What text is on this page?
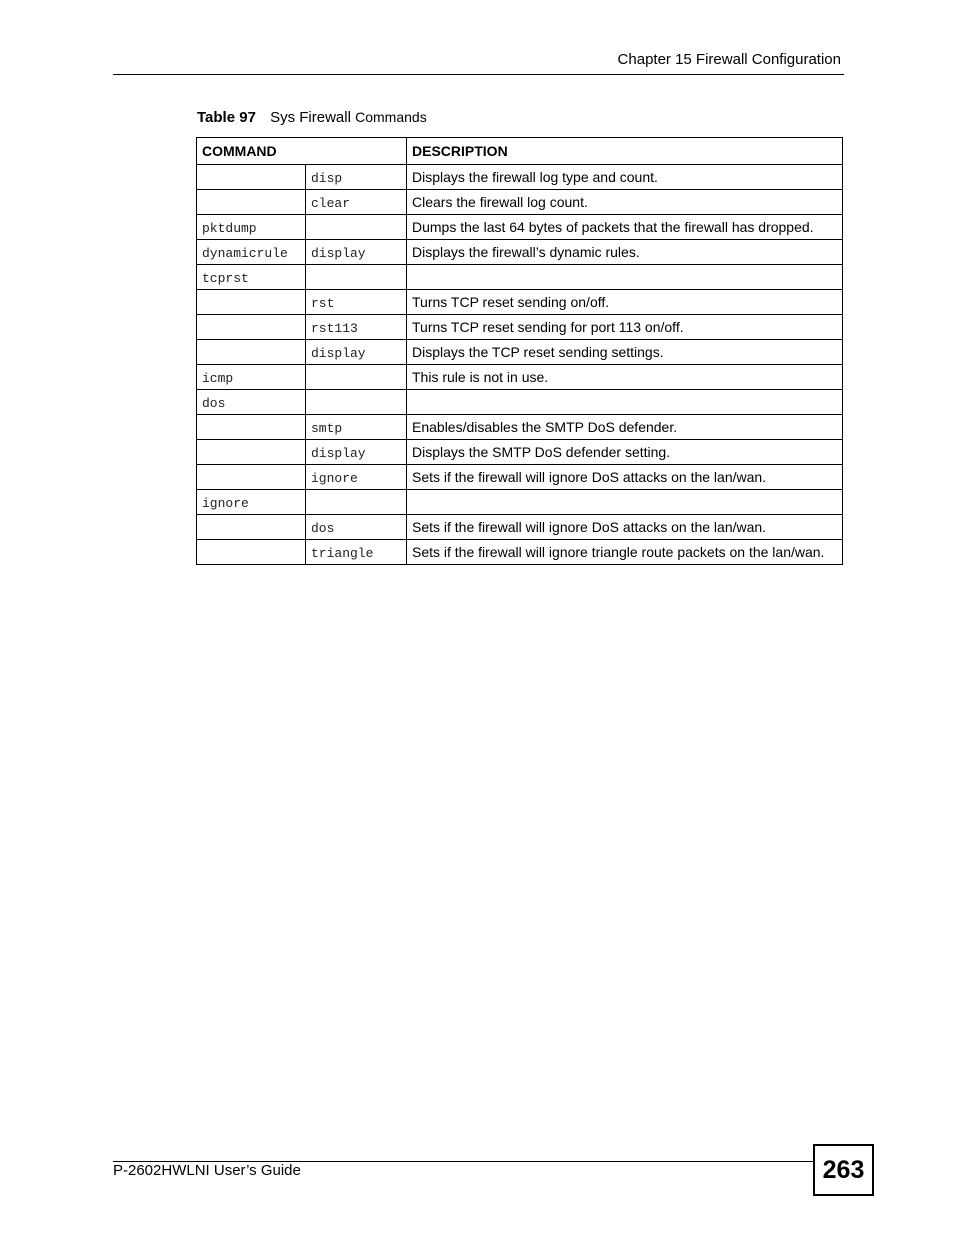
Chapter 15 Firewall Configuration
Table 97 Sys Firewall Commands
COMMAND		DESCRIPTION
	disp	Displays the firewall log type and count.
	clear	Clears the firewall log count.
pktdump		Dumps the last 64 bytes of packets that the firewall has dropped.
dynamicrule	display	Displays the firewall’s dynamic rules.
tcprst		
	rst	Turns TCP reset sending on/off.
	rst113	Turns TCP reset sending for port 113 on/off.
	display	Displays the TCP reset sending settings.
icmp		This rule is not in use.
dos		
	smtp	Enables/disables the SMTP DoS defender.
	display	Displays the SMTP DoS defender setting.
	ignore	Sets if the firewall will ignore DoS attacks on the lan/wan.
ignore		
	dos	Sets if the firewall will ignore DoS attacks on the lan/wan.
	triangle	Sets if the firewall will ignore triangle route packets on the lan/wan.
P-2602HWLNI User’s Guide	263
